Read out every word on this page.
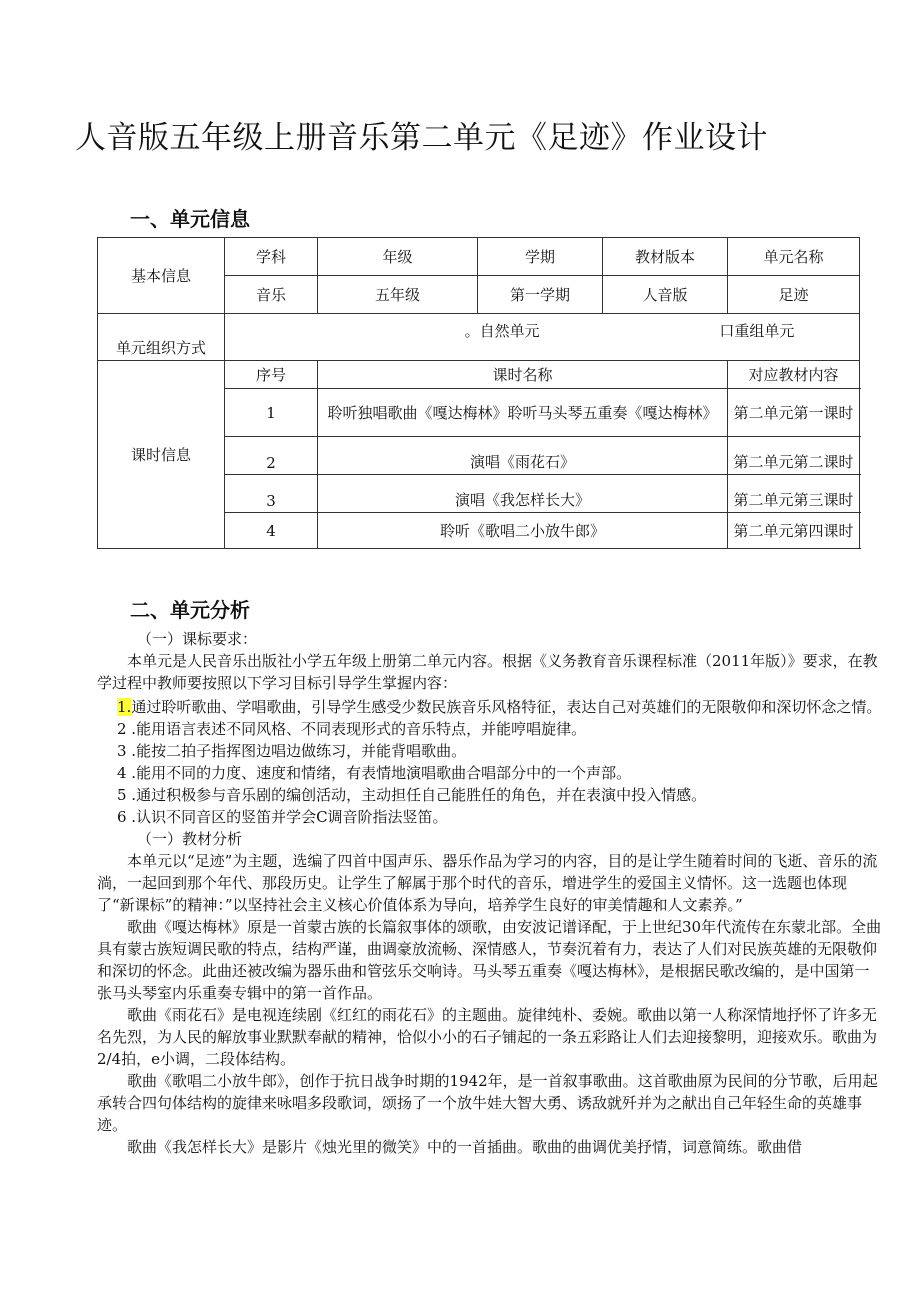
人音版五年级上册音乐第二单元《足迹》作业设计
一、单元信息
基本信息	学科	年级	学期	教材版本	单元名称
	音乐	五年级	第一学期	人音版	足迹
单元组织方式	。自然单元 口重组单元				
课时信息	序号	课时名称			对应教材内容
	1	聆听独唱歌曲《嘎达梅林》聆听马头琴五重奏《嘎达梅林》			第二单元第一课时
	2	演唱《雨花石》			第二单元第二课时
	3	演唱《我怎样长大》			第二单元第三课时
	4	聆听《歌唱二小放牛郎》			第二单元第四课时
二、单元分析

（一）课标要求：

本单元是人民音乐出版社小学五年级上册第二单元内容。根据《义务教育音乐课程标准（2011年版）》要求，在教学过程中教师要按照以下学习目标引导学生掌握内容：

1.通过聆听歌曲、学唱歌曲，引导学生感受少数民族音乐风格特征，表达自己对英雄们的无限敬仰和深切怀念之情。

2 .能用语言表述不同风格、不同表现形式的音乐特点，并能哼唱旋律。

3 .能按二拍子指挥图边唱边做练习，并能背唱歌曲。

4 .能用不同的力度、速度和情绪，有表情地演唱歌曲合唱部分中的一个声部。

5 .通过积极参与音乐剧的编创活动，主动担任自己能胜任的角色，并在表演中投入情感。

6 .认识不同音区的竖笛并学会C调音阶指法竖笛。

（一）教材分析

本单元以“足迹”为主题，选编了四首中国声乐、器乐作品为学习的内容，目的是让学生随着时间的飞逝、音乐的流淌，一起回到那个年代、那段历史。让学生了解属于那个时代的音乐，增进学生的爱国主义情怀。这一选题也体现了“新课标”的精神：”以坚持社会主义核心价值体系为导向，培养学生良好的审美情趣和人文素养。”

歌曲《嘎达梅林》原是一首蒙古族的长篇叙事体的颂歌，由安波记谱译配，于上世纪30年代流传在东蒙北部。全曲具有蒙古族短调民歌的特点，结构严谨，曲调豪放流畅、深情感人，节奏沉着有力，表达了人们对民族英雄的无限敬仰和深切的怀念。此曲还被改编为器乐曲和管弦乐交响诗。马头琴五重奏《嘎达梅林》，是根据民歌改编的，是中国第一张马头琴室内乐重奏专辑中的第一首作品。

歌曲《雨花石》是电视连续剧《红红的雨花石》的主题曲。旋律纯朴、委婉。歌曲以第一人称深情地抒怀了许多无名先烈，为人民的解放事业默默奉献的精神，恰似小小的石子铺起的一条五彩路让人们去迎接黎明，迎接欢乐。歌曲为2/4拍，e小调，二段体结构。

歌曲《歌唱二小放牛郎》，创作于抗日战争时期的1942年，是一首叙事歌曲。这首歌曲原为民间的分节歌，后用起承转合四句体结构的旋律来咏唱多段歌词，颂扬了一个放牛娃大智大勇、诱敌就歼并为之献出自己年轻生命的英雄事迹。

歌曲《我怎样长大》是影片《烛光里的微笑》中的一首插曲。歌曲的曲调优美抒情，词意简练。歌曲借
